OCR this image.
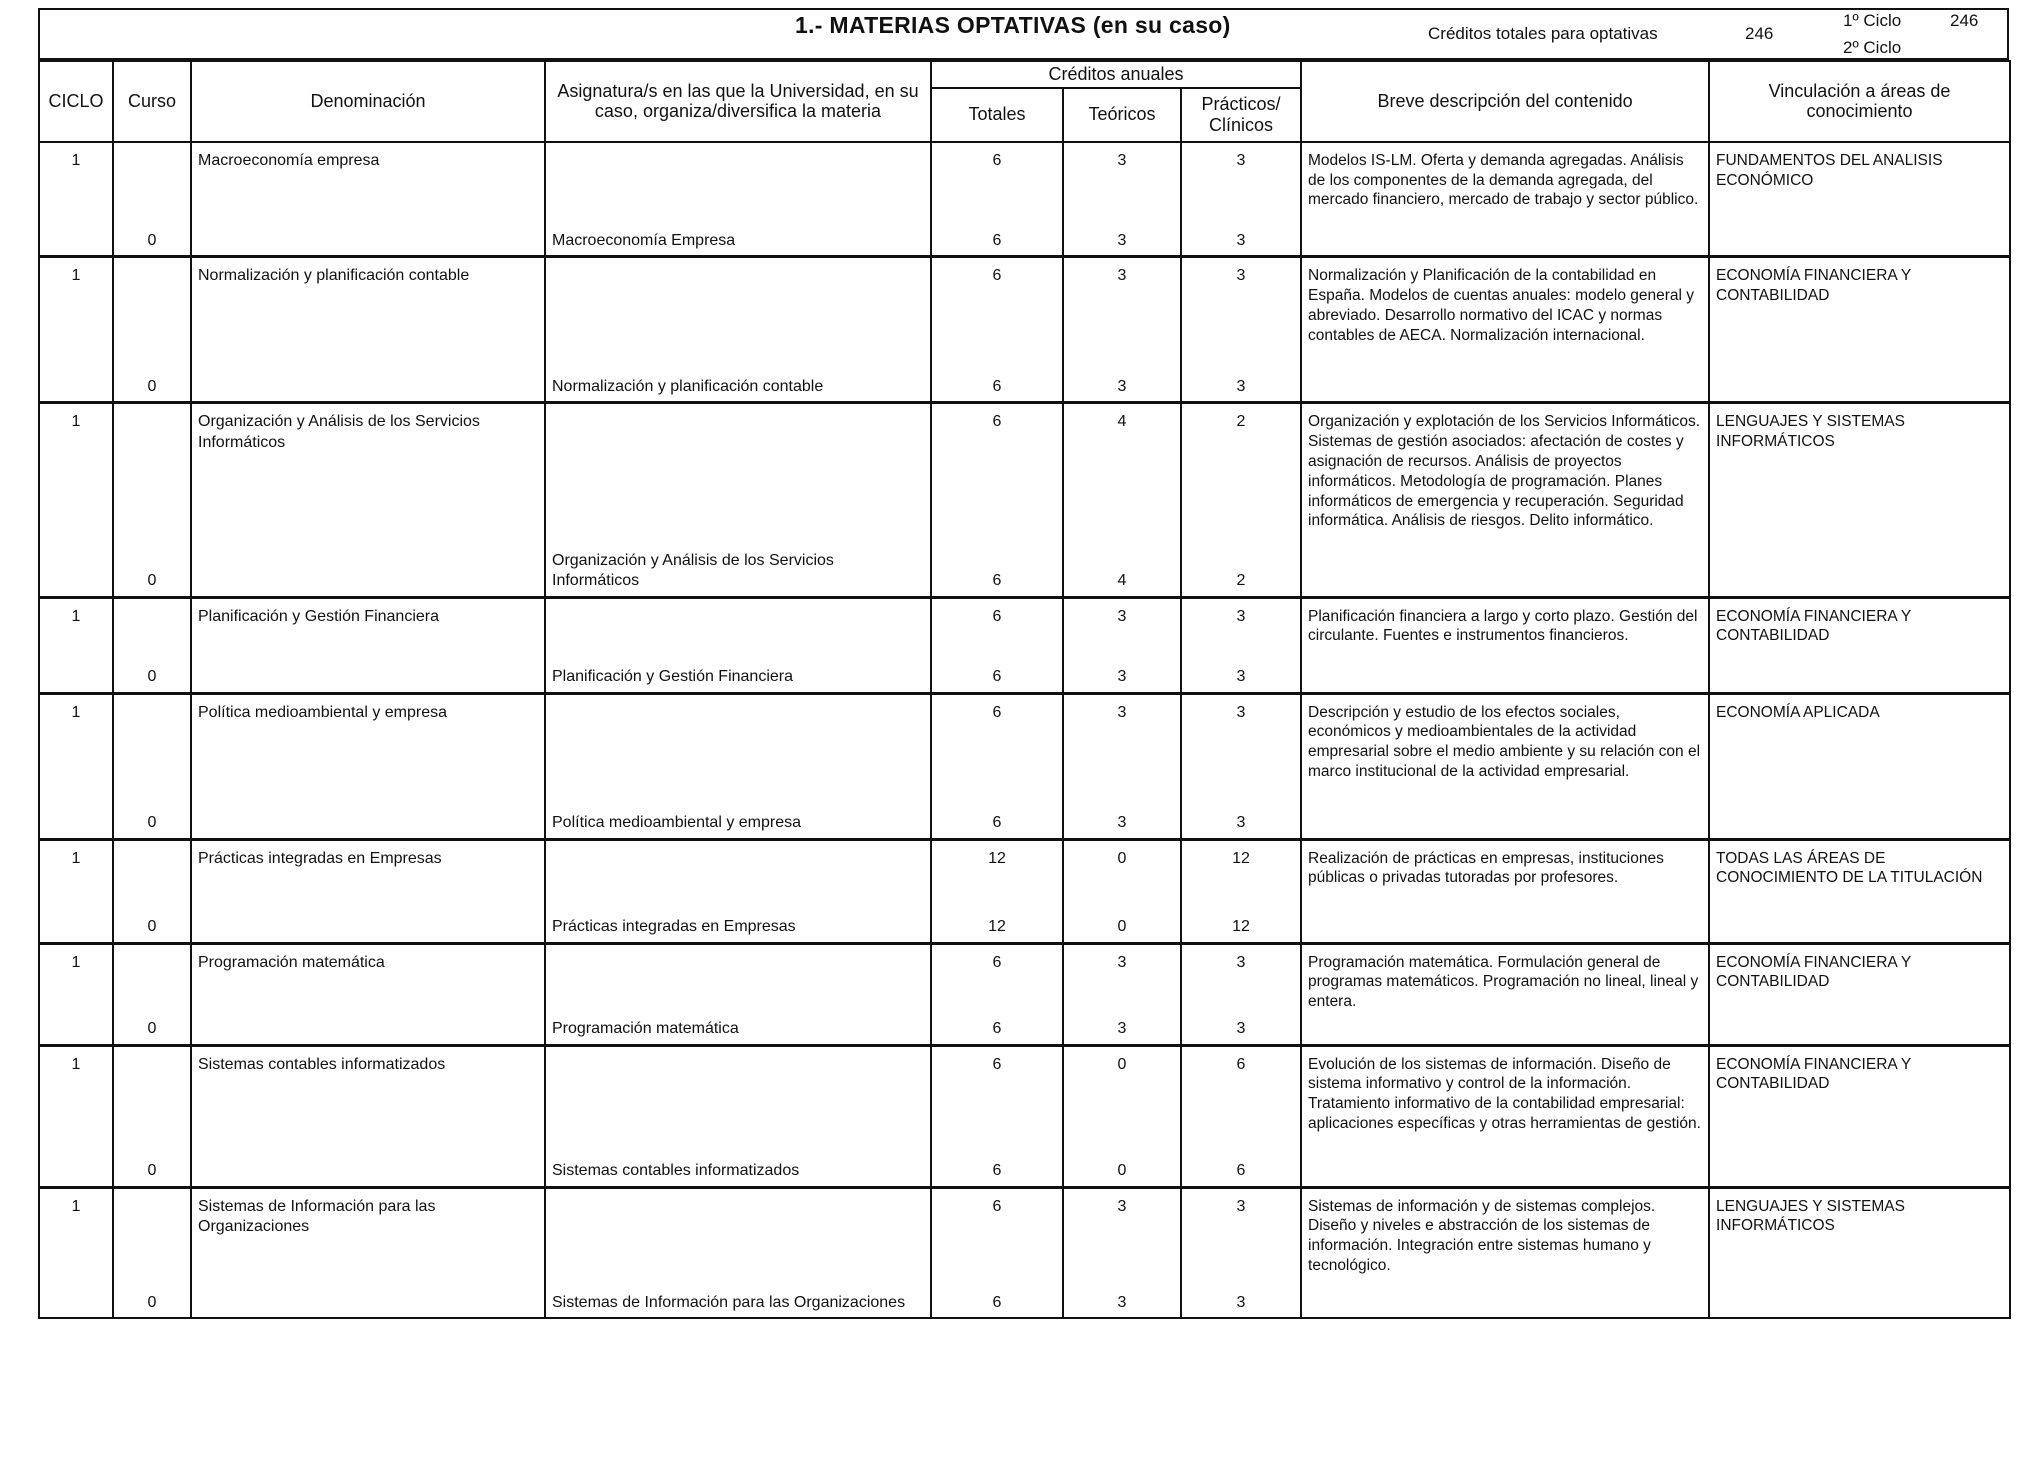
1.- MATERIAS OPTATIVAS (en su caso)	Créditos totales para optativas	246
1º Ciclo	246
2º Ciclo
CICLO	Curso	Denominación	Asignatura/s en las que la Universidad, en su caso, organiza/diversifica la materia	Créditos anuales			Breve descripción del contenido	Vinculación a áreas de conocimiento
				Totales	Teóricos	Prácticos/ Clínicos		
1		Macroeconomía empresa		6	3	3	Modelos IS-LM. Oferta y demanda agregadas. Análisis de los componentes de la demanda agregada, del mercado financiero, mercado de trabajo y sector público.	FUNDAMENTOS DEL ANALISIS ECONÓMICO
	0		Macroeconomía Empresa	6	3	3		
1		Normalización y planificación contable		6	3	3	Normalización y Planificación de la contabilidad en España. Modelos de cuentas anuales: modelo general y abreviado. Desarrollo normativo del ICAC y normas contables de AECA. Normalización internacional.	ECONOMÍA FINANCIERA Y CONTABILIDAD
	0		Normalización y planificación contable	6	3	3		
1		Organización y Análisis de los Servicios Informáticos		6	4	2	Organización y explotación de los Servicios Informáticos. Sistemas de gestión asociados: afectación de costes y asignación de recursos. Análisis de proyectos informáticos. Metodología de programación. Planes informáticos de emergencia y recuperación. Seguridad informática. Análisis de riesgos. Delito informático.	LENGUAJES Y SISTEMAS INFORMÁTICOS
	0		Organización y Análisis de los Servicios Informáticos	6	4	2		
1		Planificación y Gestión Financiera		6	3	3	Planificación financiera a largo y corto plazo. Gestión del circulante. Fuentes e instrumentos financieros.	ECONOMÍA FINANCIERA Y CONTABILIDAD
	0		Planificación y Gestión Financiera	6	3	3		
1		Política medioambiental y empresa		6	3	3	Descripción y estudio de los efectos sociales, económicos y medioambientales de la actividad empresarial sobre el medio ambiente y su relación con el marco institucional de la actividad empresarial.	ECONOMÍA APLICADA
	0		Política medioambiental y empresa	6	3	3		
1		Prácticas integradas en Empresas		12	0	12	Realización de prácticas en empresas, instituciones públicas o privadas tutoradas por profesores.	TODAS LAS ÁREAS DE CONOCIMIENTO DE LA TITULACIÓN
	0		Prácticas integradas en Empresas	12	0	12		
1		Programación matemática		6	3	3	Programación matemática. Formulación general de programas matemáticos. Programación no lineal, lineal y entera.	ECONOMÍA FINANCIERA Y CONTABILIDAD
	0		Programación matemática	6	3	3		
1		Sistemas contables informatizados		6	0	6	Evolución de los sistemas de información. Diseño de sistema informativo y control de la información. Tratamiento informativo de la contabilidad empresarial: aplicaciones específicas y otras herramientas de gestión.	ECONOMÍA FINANCIERA Y CONTABILIDAD
	0		Sistemas contables informatizados	6	0	6		
1		Sistemas de Información para las Organizaciones		6	3	3	Sistemas de información y de sistemas complejos. Diseño y niveles e abstracción de los sistemas de información. Integración entre sistemas humano y tecnológico.	LENGUAJES Y SISTEMAS INFORMÁTICOS
	0		Sistemas de Información para las Organizaciones	6	3	3		
